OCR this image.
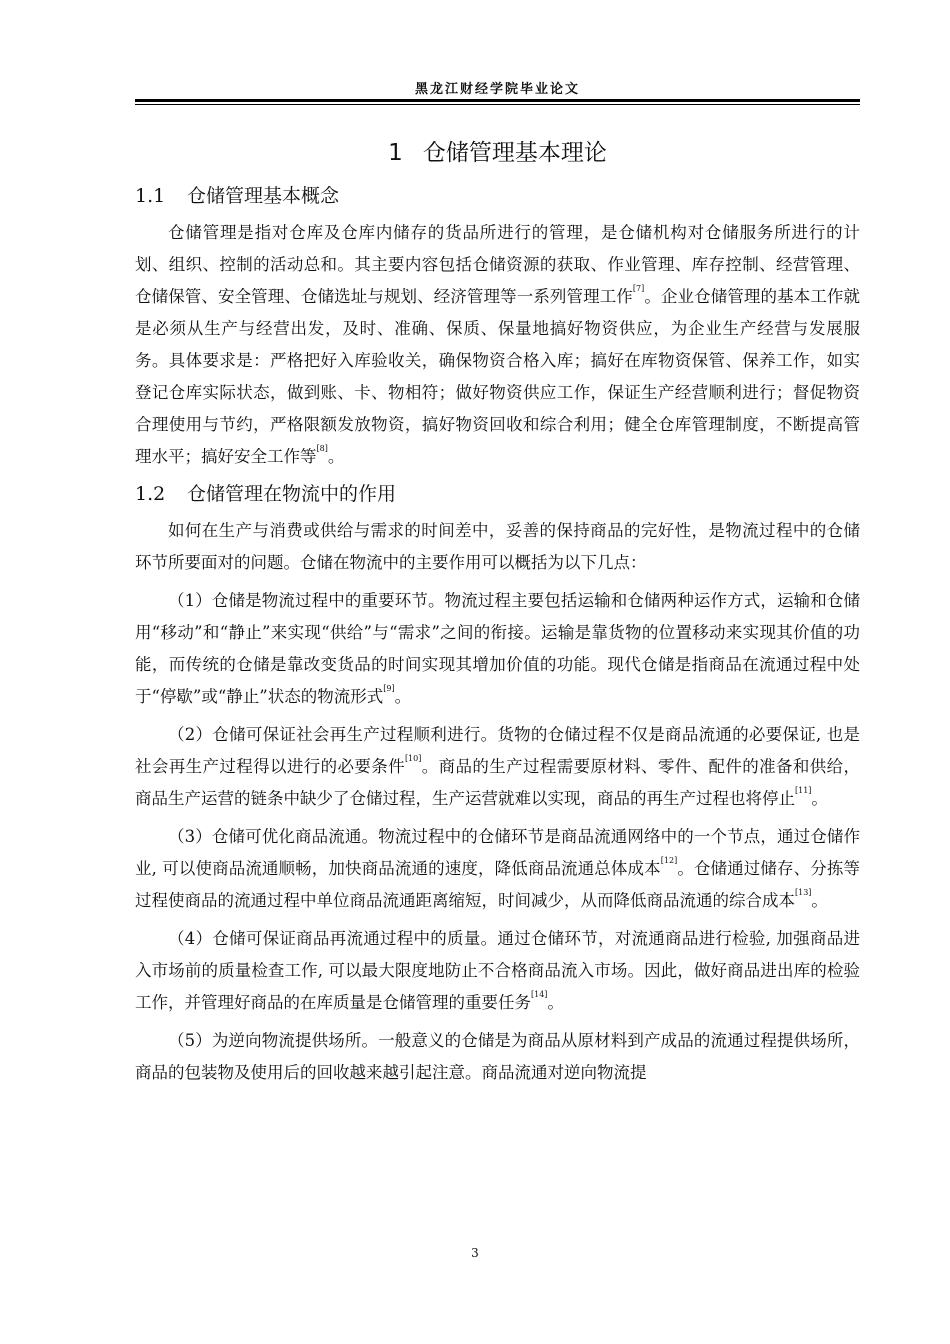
黑龙江财经学院毕业论文
1 仓储管理基本理论
1.1 仓储管理基本概念

仓储管理是指对仓库及仓库内储存的货品所进行的管理，是仓储机构对仓储服务所进行的计划、组织、控制的活动总和。其主要内容包括仓储资源的获取、作业管理、库存控制、经营管理、仓储保管、安全管理、仓储选址与规划、经济管理等一系列管理工作[7]。企业仓储管理的基本工作就是必须从生产与经营出发，及时、准确、保质、保量地搞好物资供应，为企业生产经营与发展服务。具体要求是：严格把好入库验收关，确保物资合格入库；搞好在库物资保管、保养工作，如实登记仓库实际状态，做到账、卡、物相符；做好物资供应工作，保证生产经营顺利进行；督促物资合理使用与节约，严格限额发放物资，搞好物资回收和综合利用；健全仓库管理制度，不断提高管理水平；搞好安全工作等[8]。

1.2 仓储管理在物流中的作用

如何在生产与消费或供给与需求的时间差中，妥善的保持商品的完好性，是物流过程中的仓储环节所要面对的问题。仓储在物流中的主要作用可以概括为以下几点：

（1）仓储是物流过程中的重要环节。物流过程主要包括运输和仓储两种运作方式，运输和仓储用“移动”和“静止”来实现“供给”与“需求”之间的衔接。运输是靠货物的位置移动来实现其价值的功能，而传统的仓储是靠改变货品的时间实现其增加价值的功能。现代仓储是指商品在流通过程中处于“停歇”或“静止”状态的物流形式[9]。

（2）仓储可保证社会再生产过程顺利进行。货物的仓储过程不仅是商品流通的必要保证, 也是社会再生产过程得以进行的必要条件[10]。商品的生产过程需要原材料、零件、配件的准备和供给，商品生产运营的链条中缺少了仓储过程，生产运营就难以实现，商品的再生产过程也将停止[11]。

（3）仓储可优化商品流通。物流过程中的仓储环节是商品流通网络中的一个节点，通过仓储作业, 可以使商品流通顺畅，加快商品流通的速度，降低商品流通总体成本[12]。仓储通过储存、分拣等过程使商品的流通过程中单位商品流通距离缩短，时间减少，从而降低商品流通的综合成本[13]。

（4）仓储可保证商品再流通过程中的质量。通过仓储环节，对流通商品进行检验, 加强商品进入市场前的质量检查工作, 可以最大限度地防止不合格商品流入市场。因此，做好商品进出库的检验工作，并管理好商品的在库质量是仓储管理的重要任务[14]。

（5）为逆向物流提供场所。一般意义的仓储是为商品从原材料到产成品的流通过程提供场所，商品的包装物及使用后的回收越来越引起注意。商品流通对逆向物流提

3
